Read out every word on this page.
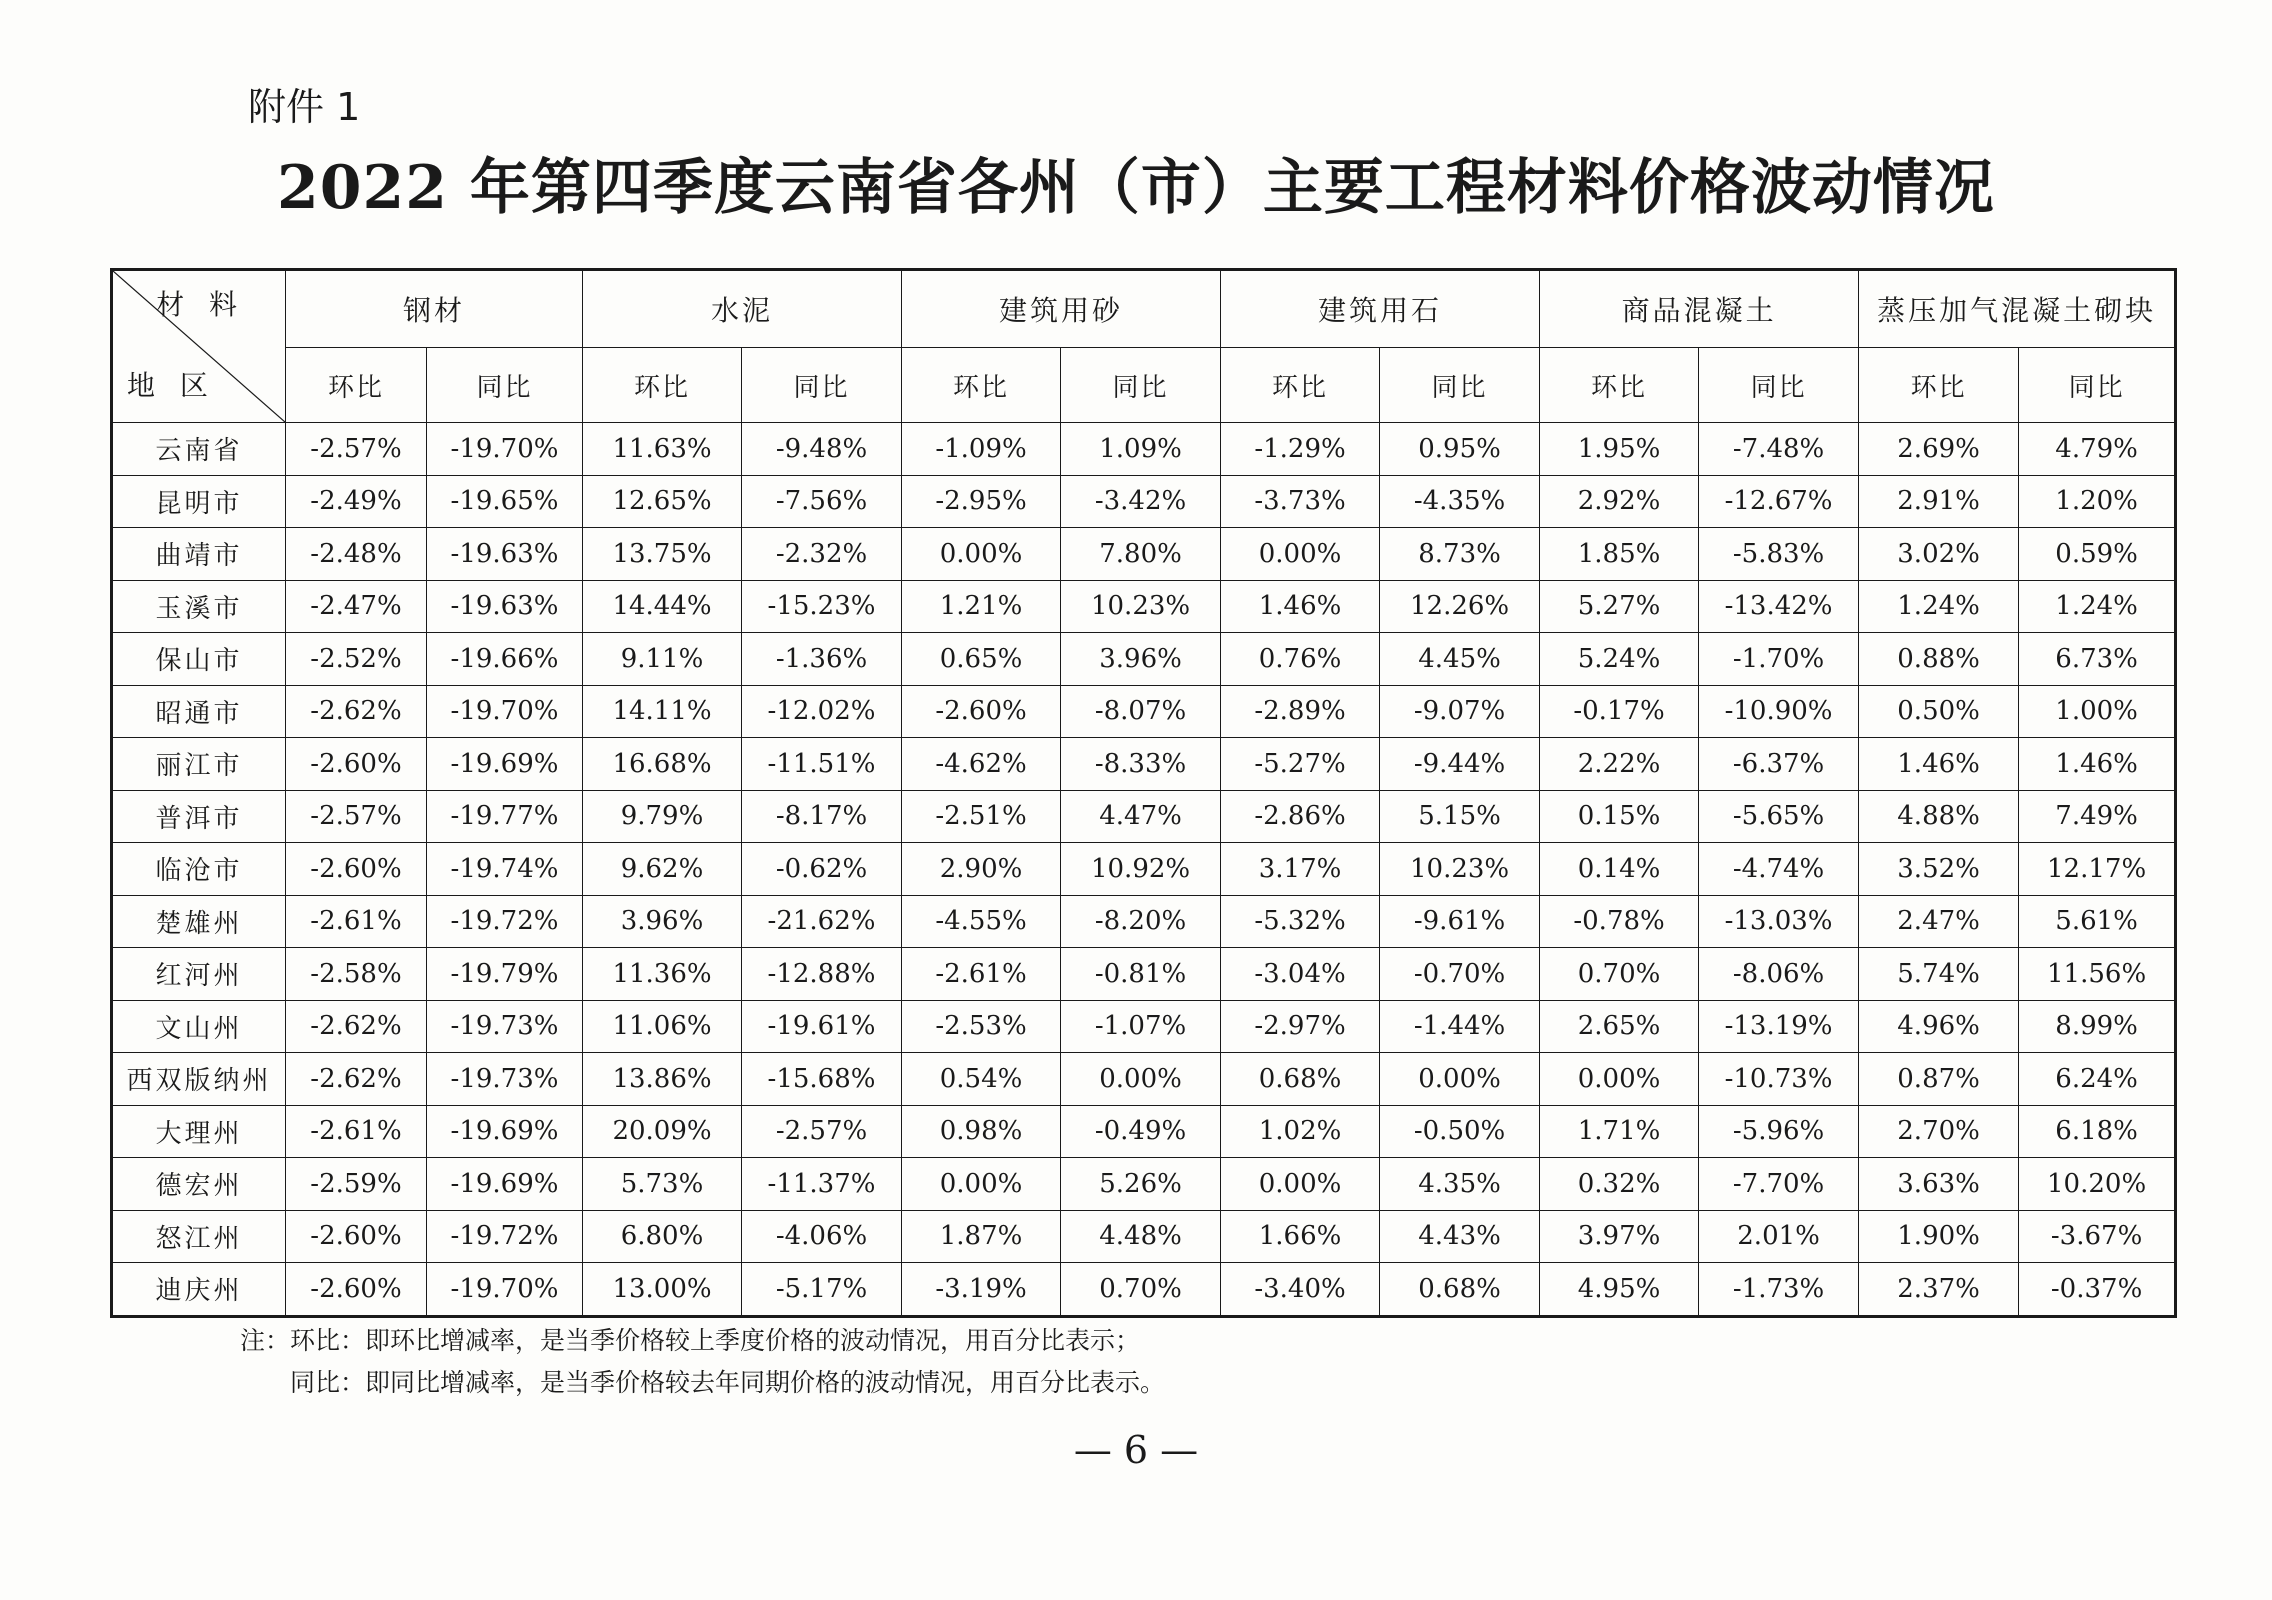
附件 1
2022 年第四季度云南省各州（市）主要工程材料价格波动情况
材 料
地 区	钢材		水泥		建筑用砂		建筑用石		商品混凝土		蒸压加气混凝土砌块	
	环比	同比	环比	同比	环比	同比	环比	同比	环比	同比	环比	同比
云南省	-2.57%	-19.70%	11.63%	-9.48%	-1.09%	1.09%	-1.29%	0.95%	1.95%	-7.48%	2.69%	4.79%
昆明市	-2.49%	-19.65%	12.65%	-7.56%	-2.95%	-3.42%	-3.73%	-4.35%	2.92%	-12.67%	2.91%	1.20%
曲靖市	-2.48%	-19.63%	13.75%	-2.32%	0.00%	7.80%	0.00%	8.73%	1.85%	-5.83%	3.02%	0.59%
玉溪市	-2.47%	-19.63%	14.44%	-15.23%	1.21%	10.23%	1.46%	12.26%	5.27%	-13.42%	1.24%	1.24%
保山市	-2.52%	-19.66%	9.11%	-1.36%	0.65%	3.96%	0.76%	4.45%	5.24%	-1.70%	0.88%	6.73%
昭通市	-2.62%	-19.70%	14.11%	-12.02%	-2.60%	-8.07%	-2.89%	-9.07%	-0.17%	-10.90%	0.50%	1.00%
丽江市	-2.60%	-19.69%	16.68%	-11.51%	-4.62%	-8.33%	-5.27%	-9.44%	2.22%	-6.37%	1.46%	1.46%
普洱市	-2.57%	-19.77%	9.79%	-8.17%	-2.51%	4.47%	-2.86%	5.15%	0.15%	-5.65%	4.88%	7.49%
临沧市	-2.60%	-19.74%	9.62%	-0.62%	2.90%	10.92%	3.17%	10.23%	0.14%	-4.74%	3.52%	12.17%
楚雄州	-2.61%	-19.72%	3.96%	-21.62%	-4.55%	-8.20%	-5.32%	-9.61%	-0.78%	-13.03%	2.47%	5.61%
红河州	-2.58%	-19.79%	11.36%	-12.88%	-2.61%	-0.81%	-3.04%	-0.70%	0.70%	-8.06%	5.74%	11.56%
文山州	-2.62%	-19.73%	11.06%	-19.61%	-2.53%	-1.07%	-2.97%	-1.44%	2.65%	-13.19%	4.96%	8.99%
西双版纳州	-2.62%	-19.73%	13.86%	-15.68%	0.54%	0.00%	0.68%	0.00%	0.00%	-10.73%	0.87%	6.24%
大理州	-2.61%	-19.69%	20.09%	-2.57%	0.98%	-0.49%	1.02%	-0.50%	1.71%	-5.96%	2.70%	6.18%
德宏州	-2.59%	-19.69%	5.73%	-11.37%	0.00%	5.26%	0.00%	4.35%	0.32%	-7.70%	3.63%	10.20%
怒江州	-2.60%	-19.72%	6.80%	-4.06%	1.87%	4.48%	1.66%	4.43%	3.97%	2.01%	1.90%	-3.67%
迪庆州	-2.60%	-19.70%	13.00%	-5.17%	-3.19%	0.70%	-3.40%	0.68%	4.95%	-1.73%	2.37%	-0.37%
注：环比：即环比增减率，是当季价格较上季度价格的波动情况，用百分比表示；
同比：即同比增减率，是当季价格较去年同期价格的波动情况，用百分比表示。
— 6 —
